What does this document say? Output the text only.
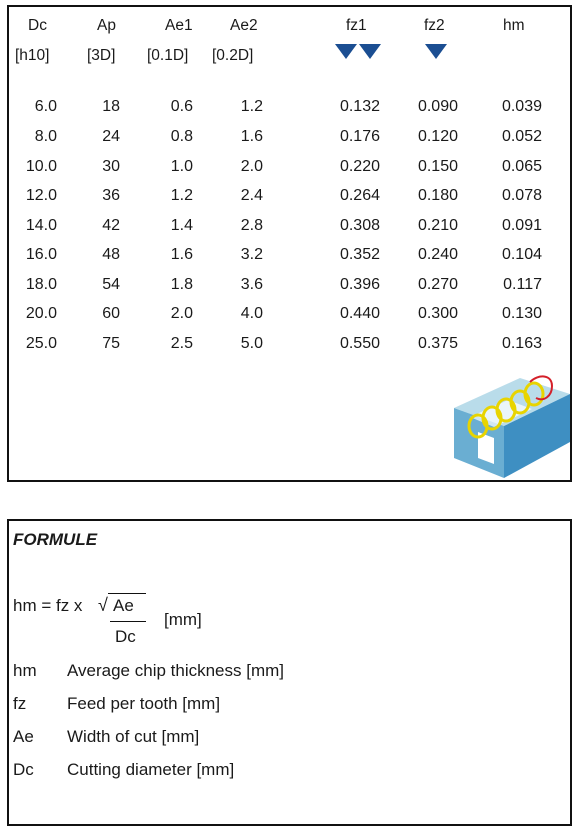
Dc	Ap	Ae1 Ae2	fz1	fz2	hm
[h10] [3D] [0.1D] [0.2D]
6.0	18	0.6	1.2	0.132	0.090	0.039
8.0	24	0.8	1.6	0.176	0.120	0.052
10.0	30	1.0	2.0	0.220	0.150	0.065
12.0	36	1.2	2.4	0.264	0.180	0.078
14.0	42	1.4	2.8	0.308	0.210	0.091
16.0	48	1.6	3.2	0.352	0.240	0.104
18.0	54	1.8	3.6	0.396	0.270	0.117
20.0	60	2.0	4.0	0.440	0.300	0.130
25.0	75	2.5	5.0	0.550	0.375	0.163
FORMULE
hm = fz x √ Ae
Dc
[mm]
hm Average chip thickness [mm]
fz Feed per tooth [mm]
Ae Width of cut [mm]
Dc Cutting diameter [mm]
